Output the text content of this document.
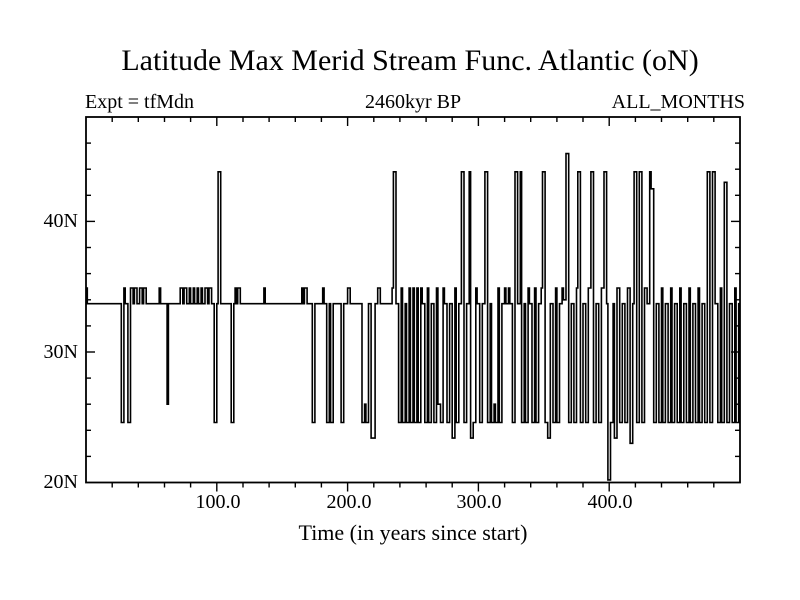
Latitude Max Merid Stream Func. Atlantic (oN)
Expt = tfMdn	2460kyr BP	ALL_MONTHS
40N
30N
20N
100.0	200.0	300.0	400.0
Time (in years since start)
